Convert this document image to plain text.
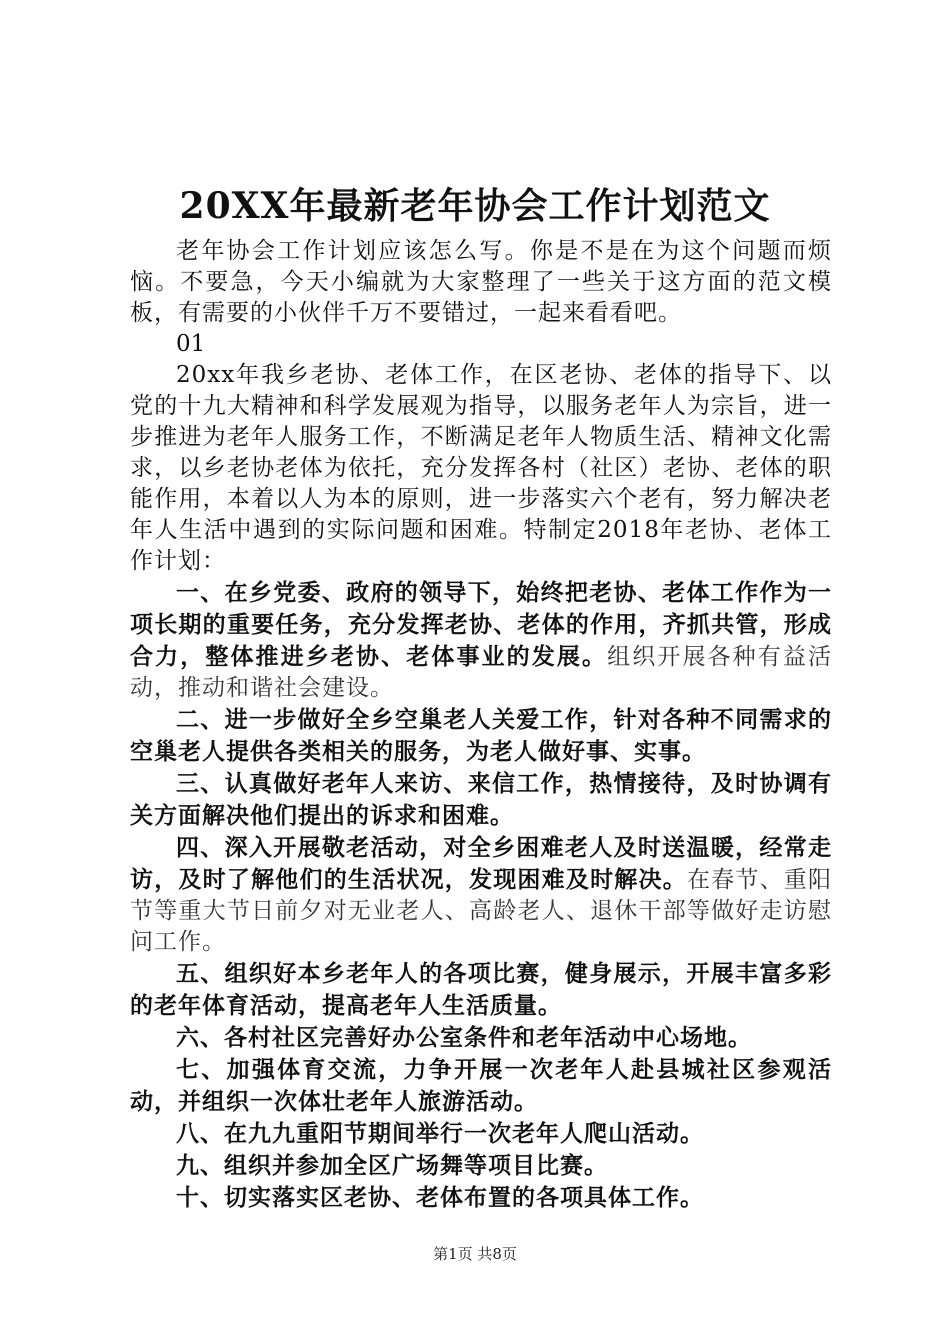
20XX年最新老年协会工作计划范文

老年协会工作计划应该怎么写。你是不是在为这个问题而烦恼。不要急，今天小编就为大家整理了一些关于这方面的范文模板，有需要的小伙伴千万不要错过，一起来看看吧。

01

20xx年我乡老协、老体工作，在区老协、老体的指导下、以党的十九大精神和科学发展观为指导，以服务老年人为宗旨，进一步推进为老年人服务工作，不断满足老年人物质生活、精神文化需求，以乡老协老体为依托，充分发挥各村（社区）老协、老体的职能作用，本着以人为本的原则，进一步落实六个老有，努力解决老年人生活中遇到的实际问题和困难。特制定2018年老协、老体工作计划：

一、在乡党委、政府的领导下，始终把老协、老体工作作为一项长期的重要任务，充分发挥老协、老体的作用，齐抓共管，形成合力，整体推进乡老协、老体事业的发展。组织开展各种有益活动，推动和谐社会建设。

二、进一步做好全乡空巢老人关爱工作，针对各种不同需求的空巢老人提供各类相关的服务，为老人做好事、实事。

三、认真做好老年人来访、来信工作，热情接待，及时协调有关方面解决他们提出的诉求和困难。

四、深入开展敬老活动，对全乡困难老人及时送温暖，经常走访，及时了解他们的生活状况，发现困难及时解决。在春节、重阳节等重大节日前夕对无业老人、高龄老人、退休干部等做好走访慰问工作。

五、组织好本乡老年人的各项比赛，健身展示，开展丰富多彩的老年体育活动，提高老年人生活质量。

六、各村社区完善好办公室条件和老年活动中心场地。

七、加强体育交流，力争开展一次老年人赴县城社区参观活动，并组织一次体壮老年人旅游活动。

八、在九九重阳节期间举行一次老年人爬山活动。

九、组织并参加全区广场舞等项目比赛。

十、切实落实区老协、老体布置的各项具体工作。

第1页 共8页
